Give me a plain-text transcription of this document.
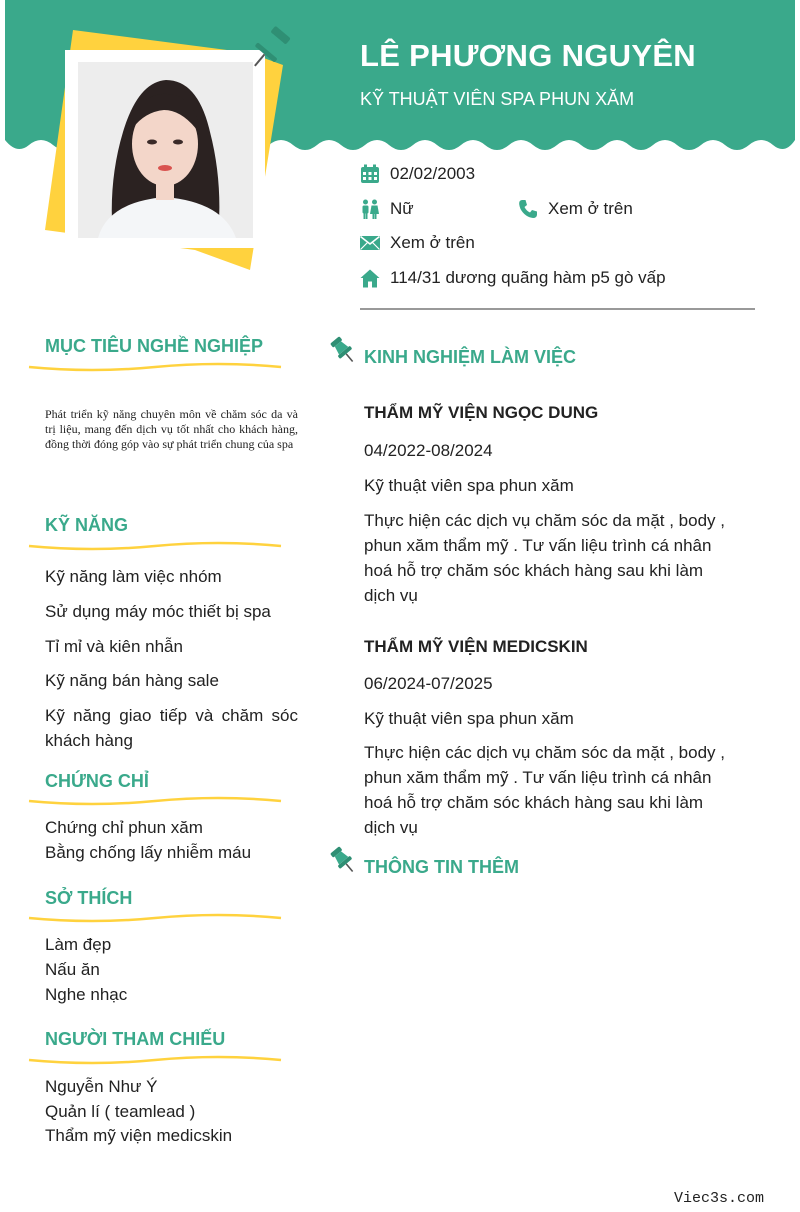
LÊ PHƯƠNG NGUYÊN
KỸ THUẬT VIÊN SPA PHUN XĂM
02/02/2003
Nữ	Xem ở trên
Xem ở trên
114/31 dương quãng hàm p5 gò vấp
MỤC TIÊU NGHỀ NGHIỆP
Phát triển kỹ năng chuyên môn về chăm sóc da và trị liệu, mang đến dịch vụ tốt nhất cho khách hàng, đồng thời đóng góp vào sự phát triển chung của spa
KỸ NĂNG
Kỹ năng làm việc nhóm
Sử dụng máy móc thiết bị spa
Tỉ mỉ và kiên nhẫn
Kỹ năng bán hàng sale
Kỹ năng giao tiếp và chăm sóc khách hàng
CHỨNG CHỈ
Chứng chỉ phun xăm
Bằng chống lấy nhiễm máu
SỞ THÍCH
Làm đẹp
Nấu ăn
Nghe nhạc
NGƯỜI THAM CHIẾU
Nguyễn Như Ý
Quản lí ( teamlead )
Thẩm mỹ viện medicskin
KINH NGHIỆM LÀM VIỆC
THẨM MỸ VIỆN NGỌC DUNG
04/2022-08/2024
Kỹ thuật viên spa phun xăm
Thực hiện các dịch vụ chăm sóc da mặt , body , phun xăm thẩm mỹ . Tư vấn liệu trình cá nhân hoá hỗ trợ chăm sóc khách hàng sau khi làm dịch vụ
THẨM MỸ VIỆN MEDICSKIN
06/2024-07/2025
Kỹ thuật viên spa phun xăm
Thực hiện các dịch vụ chăm sóc da mặt , body , phun xăm thẩm mỹ . Tư vấn liệu trình cá nhân hoá hỗ trợ chăm sóc khách hàng sau khi làm dịch vụ
THÔNG TIN THÊM
Viec3s.com
